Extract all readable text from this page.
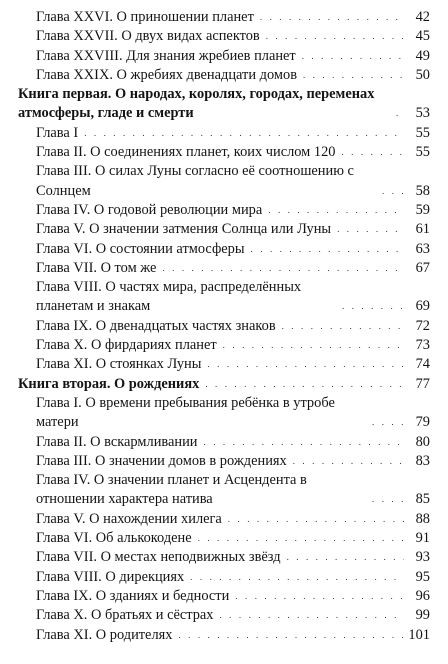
Глава XXVI. О приношении планет . . .	42
Глава XXVII. О двух видах аспектов . . .	45
Глава XXVIII. Для знания жребиев планет . . .	49
Глава XXIX. О жребиях двенадцати домов . . .	50
Книга первая. О народах, королях, городах, переменах атмосферы, гладе и смерти . . .	53
Глава I . . .	55
Глава II. О соединениях планет, коих числом 120 . . .	55
Глава III. О силах Луны согласно её соотношению с Солнцем . . .	58
Глава IV. О годовой революции мира . . .	59
Глава V. О значении затмения Солнца или Луны . . .	61
Глава VI. О состоянии атмосферы . . .	63
Глава VII. О том же . . .	67
Глава VIII. О частях мира, распределённых планетам и знакам . . .	69
Глава IX. О двенадцатых частях знаков . . .	72
Глава X. О фирдариях планет . . .	73
Глава XI. О стоянках Луны . . .	74
Книга вторая. О рождениях . . .	77
Глава I. О времени пребывания ребёнка в утробе матери . . .	79
Глава II. О вскармливании . . .	80
Глава III. О значении домов в рождениях . . .	83
Глава IV. О значении планет и Асцендента в отношении характера натива . . .	85
Глава V. О нахождении хилега . . .	88
Глава VI. Об алькокодене . . .	91
Глава VII. О местах неподвижных звёзд . . .	93
Глава VIII. О дирекциях . . .	95
Глава IX. О зданиях и бедности . . .	96
Глава X. О братьях и сёстрах . . .	99
Глава XI. О родителях . . .	101
